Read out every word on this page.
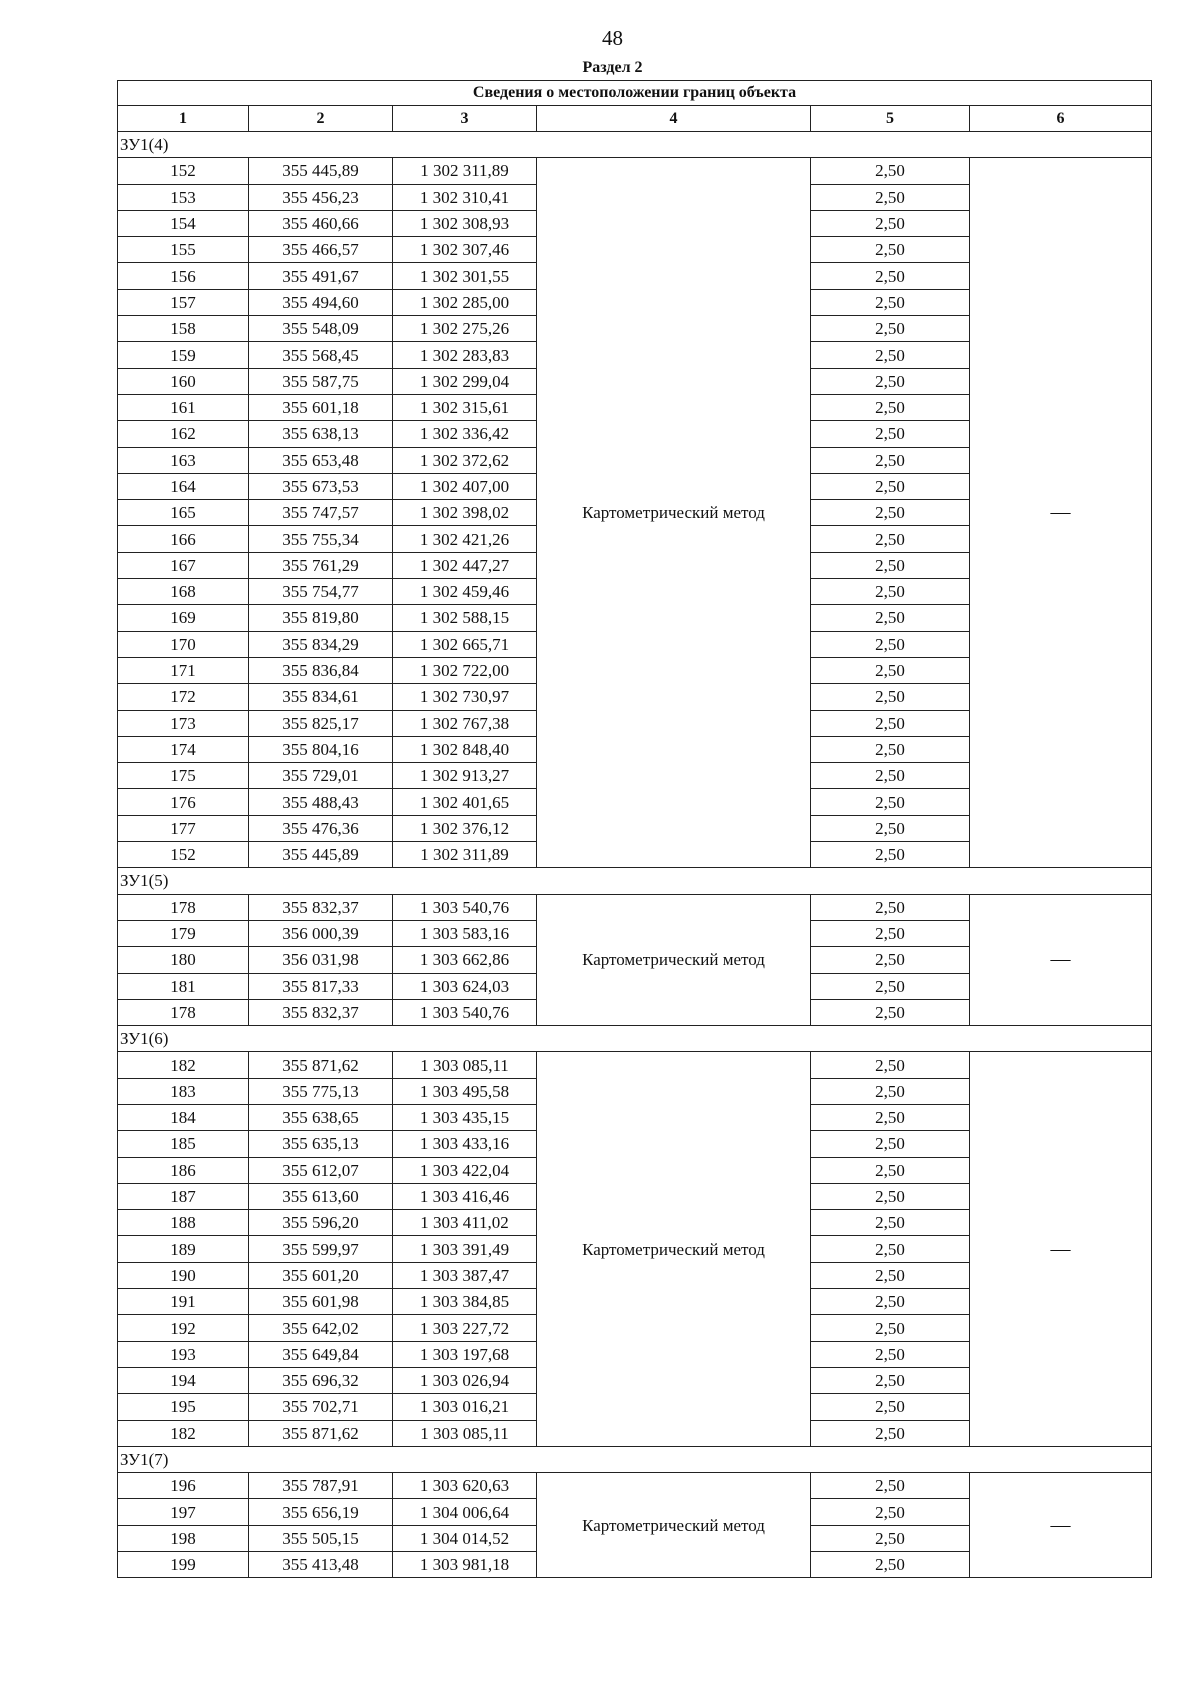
48
Раздел 2
Сведения о местоположении границ объекта					
1	2	3	4	5	6
ЗУ1(4)					
152	355 445,89	1 302 311,89	Картометрический метод	2,50	—
153	355 456,23	1 302 310,41		2,50	
154	355 460,66	1 302 308,93		2,50	
155	355 466,57	1 302 307,46		2,50	
156	355 491,67	1 302 301,55		2,50	
157	355 494,60	1 302 285,00		2,50	
158	355 548,09	1 302 275,26		2,50	
159	355 568,45	1 302 283,83		2,50	
160	355 587,75	1 302 299,04		2,50	
161	355 601,18	1 302 315,61		2,50	
162	355 638,13	1 302 336,42		2,50	
163	355 653,48	1 302 372,62		2,50	
164	355 673,53	1 302 407,00		2,50	
165	355 747,57	1 302 398,02		2,50	
166	355 755,34	1 302 421,26		2,50	
167	355 761,29	1 302 447,27		2,50	
168	355 754,77	1 302 459,46		2,50	
169	355 819,80	1 302 588,15		2,50	
170	355 834,29	1 302 665,71		2,50	
171	355 836,84	1 302 722,00		2,50	
172	355 834,61	1 302 730,97		2,50	
173	355 825,17	1 302 767,38		2,50	
174	355 804,16	1 302 848,40		2,50	
175	355 729,01	1 302 913,27		2,50	
176	355 488,43	1 302 401,65		2,50	
177	355 476,36	1 302 376,12		2,50	
152	355 445,89	1 302 311,89		2,50	
ЗУ1(5)					
178	355 832,37	1 303 540,76	Картометрический метод	2,50	—
179	356 000,39	1 303 583,16		2,50	
180	356 031,98	1 303 662,86		2,50	
181	355 817,33	1 303 624,03		2,50	
178	355 832,37	1 303 540,76		2,50	
ЗУ1(6)					
182	355 871,62	1 303 085,11	Картометрический метод	2,50	—
183	355 775,13	1 303 495,58		2,50	
184	355 638,65	1 303 435,15		2,50	
185	355 635,13	1 303 433,16		2,50	
186	355 612,07	1 303 422,04		2,50	
187	355 613,60	1 303 416,46		2,50	
188	355 596,20	1 303 411,02		2,50	
189	355 599,97	1 303 391,49		2,50	
190	355 601,20	1 303 387,47		2,50	
191	355 601,98	1 303 384,85		2,50	
192	355 642,02	1 303 227,72		2,50	
193	355 649,84	1 303 197,68		2,50	
194	355 696,32	1 303 026,94		2,50	
195	355 702,71	1 303 016,21		2,50	
182	355 871,62	1 303 085,11		2,50	
ЗУ1(7)					
196	355 787,91	1 303 620,63	Картометрический метод	2,50	—
197	355 656,19	1 304 006,64		2,50	
198	355 505,15	1 304 014,52		2,50	
199	355 413,48	1 303 981,18		2,50	
